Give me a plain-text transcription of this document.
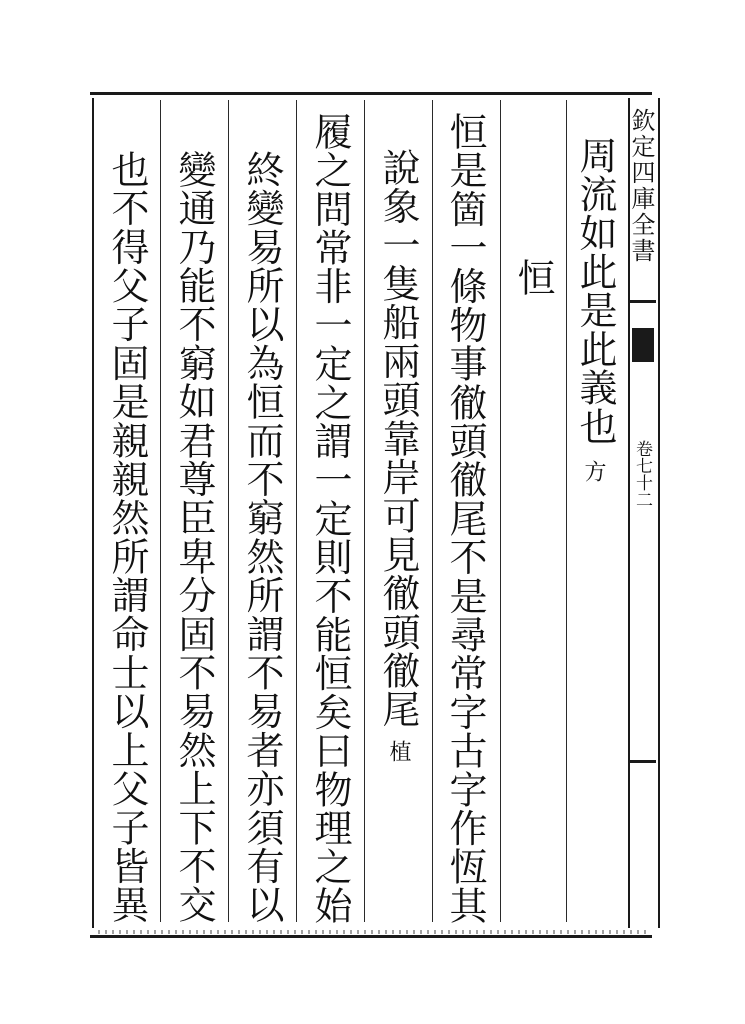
欽定四庫全書
卷七十二
周流如此是此義也
方
恒
恒是箇一條物事徹頭徹尾不是尋常字古字作恆其
說象一隻船兩頭靠岸可見徹頭徹尾
植
履之問常非一定之謂一定則不能恒矣曰物理之始
終變易所以為恒而不窮然所謂不易者亦須有以
變通乃能不窮如君尊臣卑分固不易然上下不交
也不得父子固是親親然所謂命士以上父子皆異
